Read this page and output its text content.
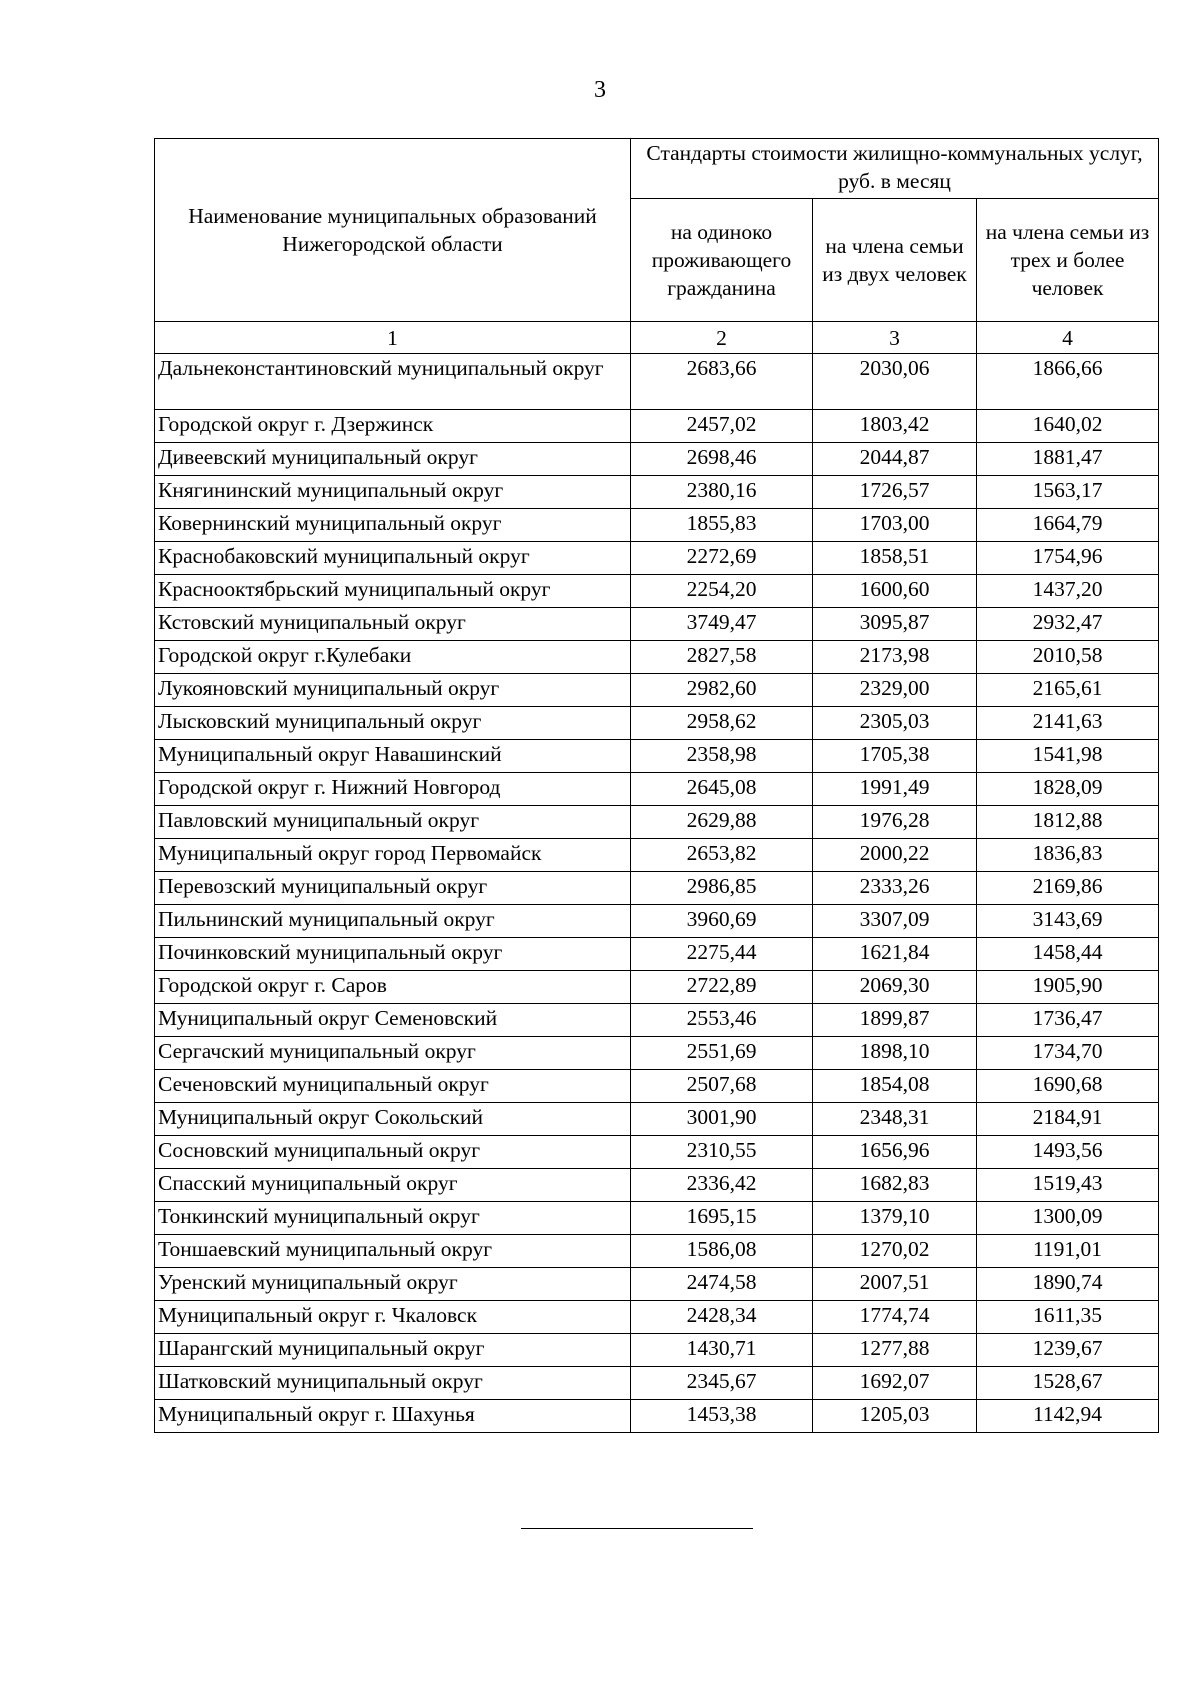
3
Наименование муниципальных образований Нижегородской области	Стандарты стоимости жилищно-коммунальных услуг, руб. в месяц		
	на одиноко проживающего гражданина	на члена семьи из двух человек	на члена семьи из трех и более человек
1	2	3	4
Дальнеконстантиновский муниципальный округ	2683,66	2030,06	1866,66
Городской округ г. Дзержинск	2457,02	1803,42	1640,02
Дивеевский муниципальный округ	2698,46	2044,87	1881,47
Княгининский муниципальный округ	2380,16	1726,57	1563,17
Ковернинский муниципальный округ	1855,83	1703,00	1664,79
Краснобаковский муниципальный округ	2272,69	1858,51	1754,96
Краснооктябрьский муниципальный округ	2254,20	1600,60	1437,20
Кстовский муниципальный округ	3749,47	3095,87	2932,47
Городской округ г.Кулебаки	2827,58	2173,98	2010,58
Лукояновский муниципальный округ	2982,60	2329,00	2165,61
Лысковский муниципальный округ	2958,62	2305,03	2141,63
Муниципальный округ Навашинский	2358,98	1705,38	1541,98
Городской округ г. Нижний Новгород	2645,08	1991,49	1828,09
Павловский муниципальный округ	2629,88	1976,28	1812,88
Муниципальный округ город Первомайск	2653,82	2000,22	1836,83
Перевозский муниципальный округ	2986,85	2333,26	2169,86
Пильнинский муниципальный округ	3960,69	3307,09	3143,69
Починковский муниципальный округ	2275,44	1621,84	1458,44
Городской округ г. Саров	2722,89	2069,30	1905,90
Муниципальный округ Семеновский	2553,46	1899,87	1736,47
Сергачский муниципальный округ	2551,69	1898,10	1734,70
Сеченовский муниципальный округ	2507,68	1854,08	1690,68
Муниципальный округ Сокольский	3001,90	2348,31	2184,91
Сосновский муниципальный округ	2310,55	1656,96	1493,56
Спасский муниципальный округ	2336,42	1682,83	1519,43
Тонкинский муниципальный округ	1695,15	1379,10	1300,09
Тоншаевский муниципальный округ	1586,08	1270,02	1191,01
Уренский муниципальный округ	2474,58	2007,51	1890,74
Муниципальный округ г. Чкаловск	2428,34	1774,74	1611,35
Шарангский муниципальный округ	1430,71	1277,88	1239,67
Шатковский муниципальный округ	2345,67	1692,07	1528,67
Муниципальный округ г. Шахунья	1453,38	1205,03	1142,94
